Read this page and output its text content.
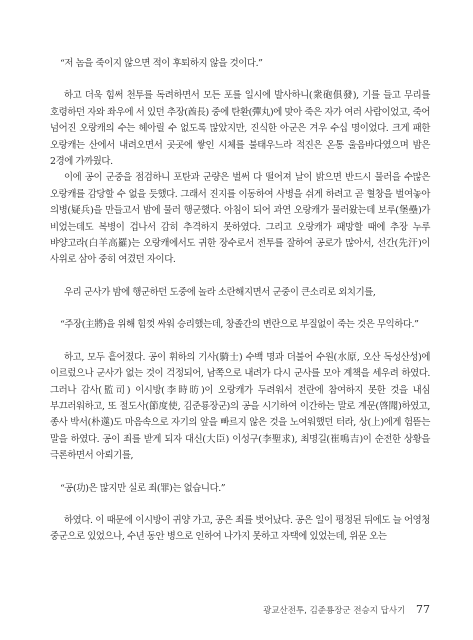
“저 놈을 죽이지 않으면 적이 후퇴하지 않을 것이다.”

하고 더욱 힘써 천투를 독려하면서 모든 포를 일시에 발사하니(衆砲俱發), 기를 들고 무리를 호령하던 자와 좌우에 서 있던 추장(酋長) 중에 탄환(彈丸)에 맞아 죽은 자가 여러 사람이었고, 죽어 넘어진 오랑캐의 수는 헤아릴 수 없도록 많았지만, 진식한 아군은 겨우 수십 명이었다. 크게 패한 오랑캐는 산에서 내려오면서 곳곳에 쌓인 시체를 불태우느라 적진은 온통 울음바다였으며 밤은 2경에 가까웠다.

이에 공이 군중을 점검하니 포탄과 군량은 벌써 다 떨어져 날이 밝으면 반드시 물러을 수많은 오랑캐를 감당할 수 없을 듯했다. 그래서 진지를 이동하여 사병을 쉬게 하려고 곧 혈창을 벌여놓아 의병(疑兵)을 만들고서 밤에 물러 행군했다. 아침이 되어 과연 오랑캐가 물러왔는데 보루(堡壘)가 비었는데도 복병이 겁나서 감히 추격하지 못하였다. 그리고 오랑캐가 패망할 때에 추장 누루 뱌양고라(白羊高羅)는 오랑캐에서도 귀한 장수로서 전투를 잘하여 공로가 많아서, 선간(先汗)이 사위로 삼아 중히 여겼던 자이다.

우리 군사가 밤에 행군하던 도중에 놀라 소란해지면서 군중이 큰소리로 외치기를,

“주장(主將)을 위해 힘껏 싸워 승리했는데, 창졸간의 변란으로 부질없이 죽는 것은 무익하다.”

하고, 모두 흩어졌다. 공이 휘하의 기사(騎士) 수백 명과 더불어 수원(水原, 오산 독성산성)에 이르렀으나 군사가 없는 것이 걱정되어, 남쪽으로 내려가 다시 군사를 모아 계책을 세우려 하였다. 그러나 감사(監司) 이시방(李時昉)이 오랑캐가 두려워서 전란에 참여하지 못한 것을 내심 부끄러워하고, 또 절도사(節度使, 김준룡장군)의 공을 시기하여 이간하는 말로 계문(啓聞)하였고, 종사 박서(朴遾)도 마음속으로 자기의 앞을 빠르지 않은 것을 노여워했던 터라, 상(上)에게 험뜯는 말을 하였다. 공이 죄를 받게 되자 대신(大臣) 이성구(李聖求), 최명길(崔鳴吉)이 순전한 상황을 극론하면서 아뢰기를,

“공(功)은 많지만 실로 죄(罪)는 없습니다.”

하였다. 이 때문에 이시방이 귀양 가고, 공은 죄를 벗어났다. 공은 일이 평정된 뒤에도 늘 어영청 중군으로 있었으나, 수년 동안 병으로 인하여 나가지 못하고 자택에 있었는데, 위문 오는

광교산전투, 김준룡장군 전승지 답사기 77
